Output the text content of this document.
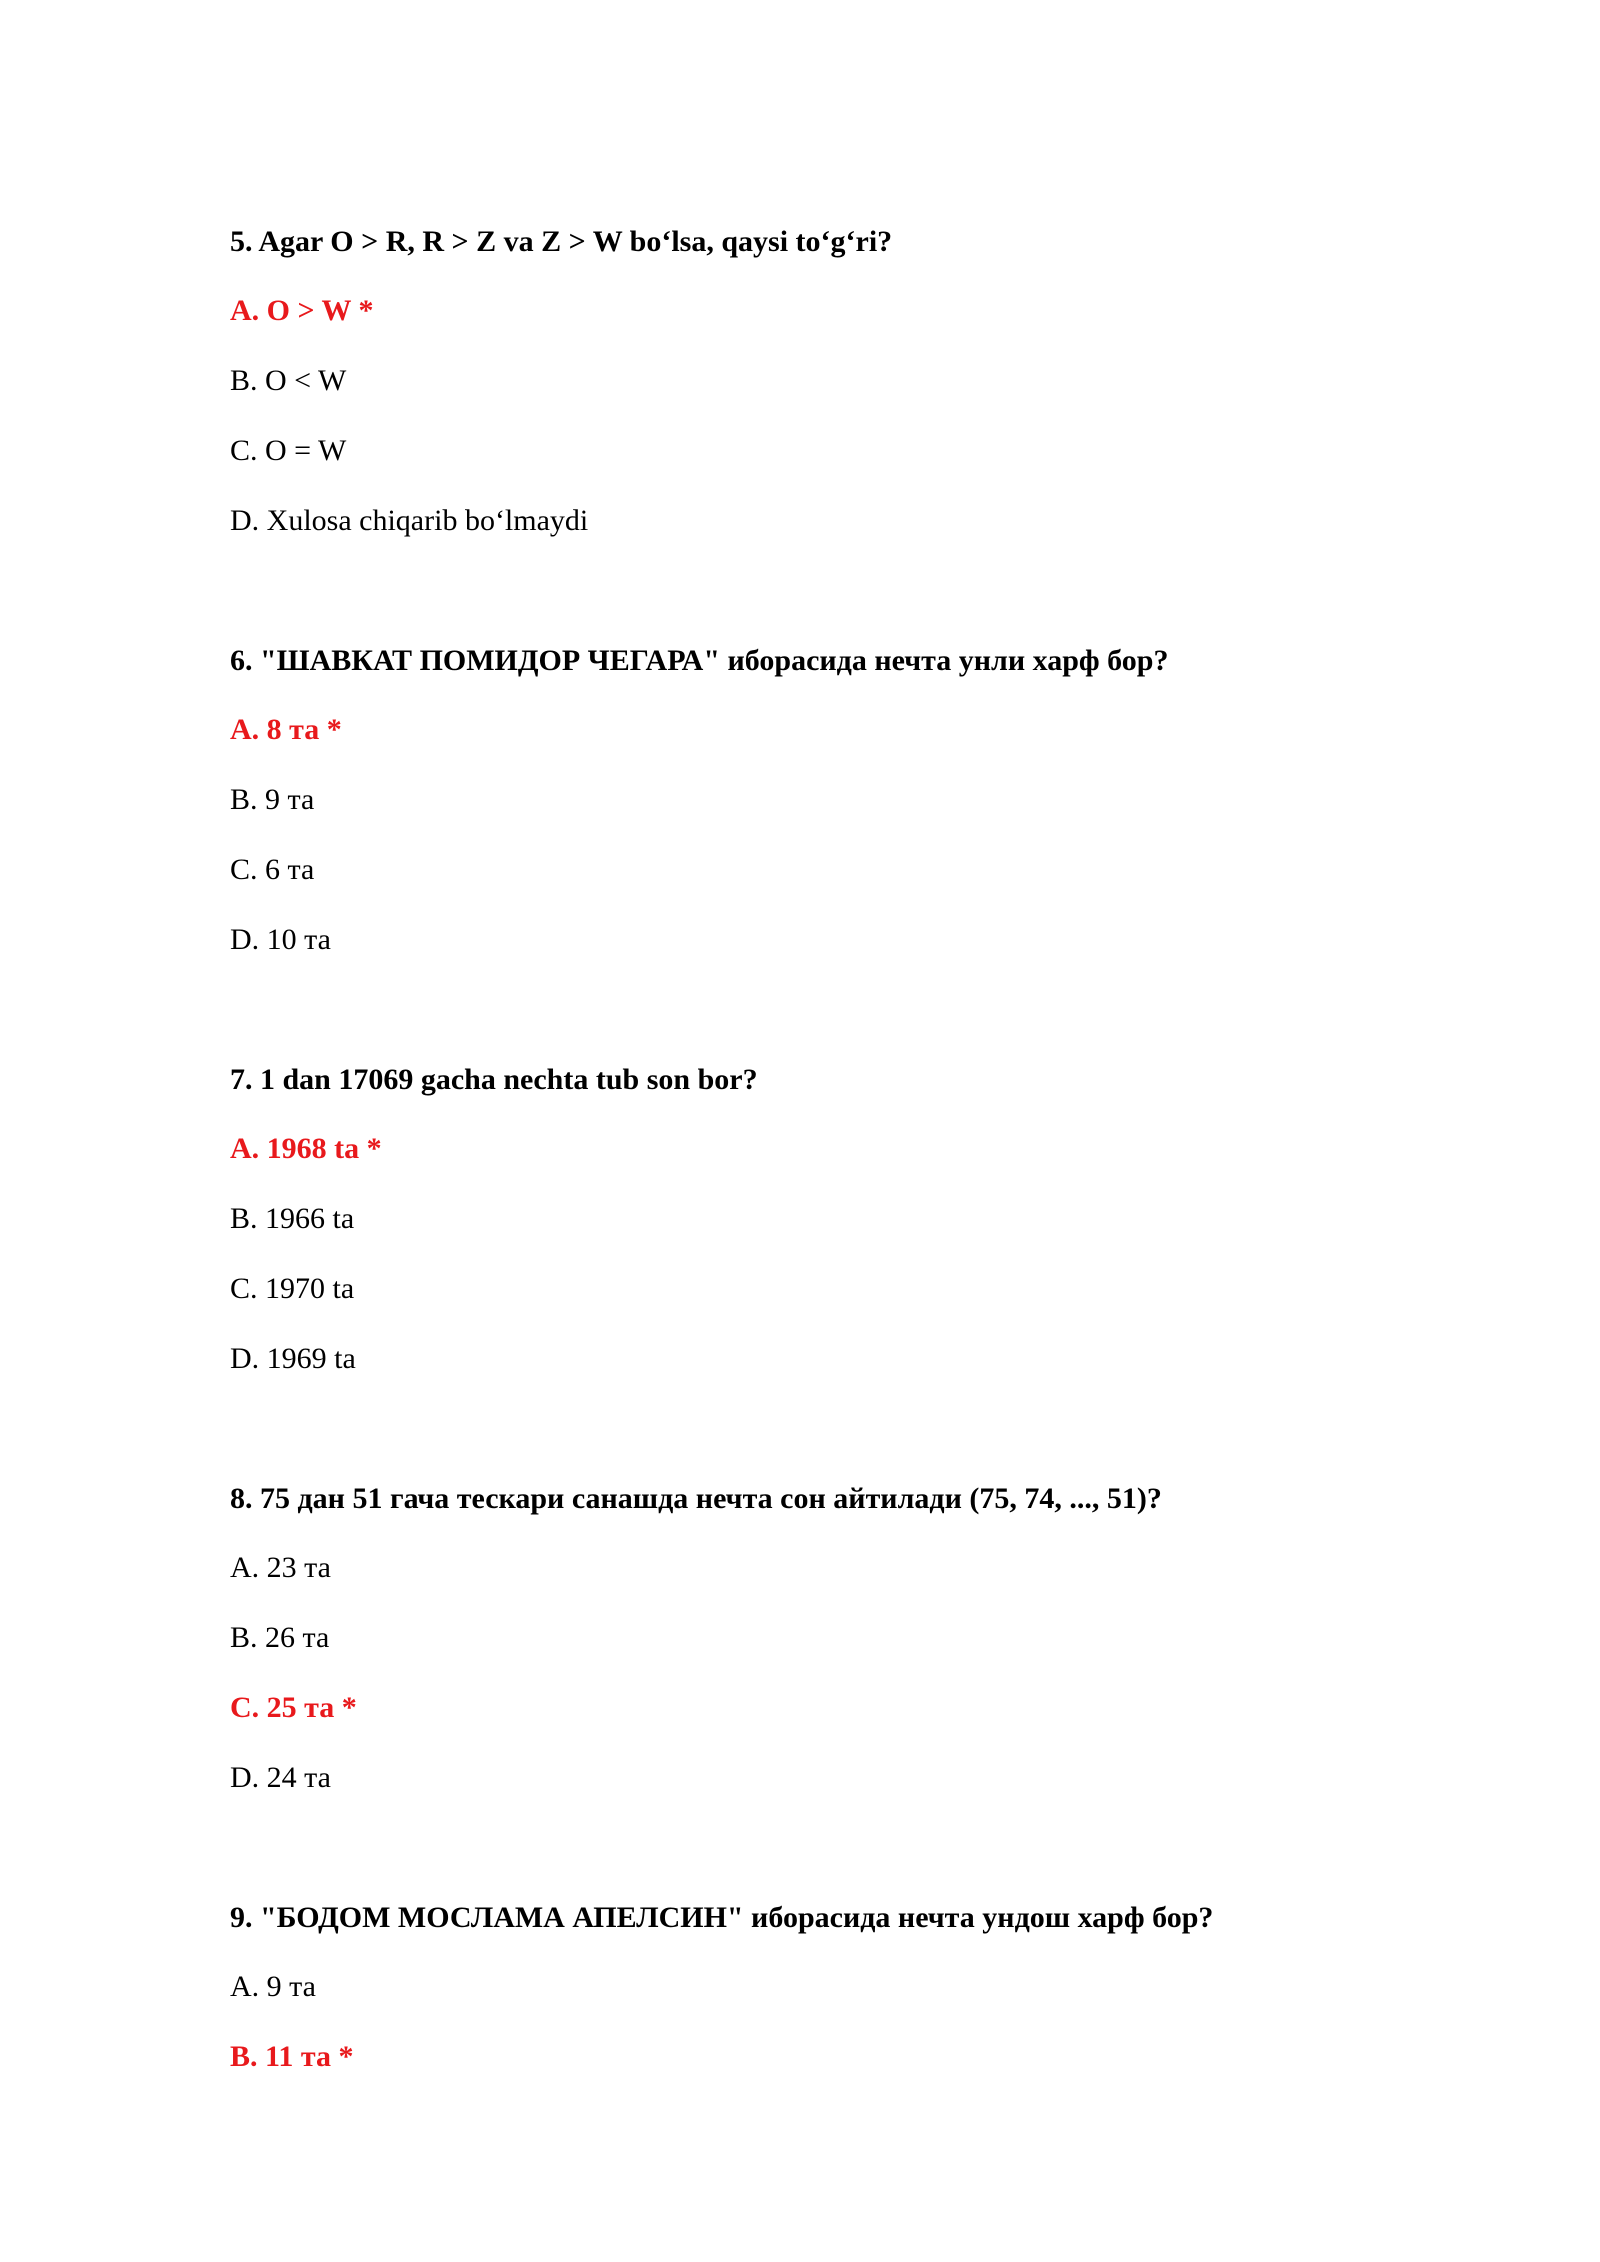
5. Agar O > R, R > Z va Z > W bo‘lsa, qaysi to‘g‘ri?
A. O > W *
B. O < W
C. O = W
D. Xulosa chiqarib bo‘lmaydi
6. "ШАВКАТ ПОМИДОР ЧЕГАРА" иборасида нечта унли харф бор?
A. 8 та *
B. 9 та
C. 6 та
D. 10 та
7. 1 dan 17069 gacha nechta tub son bor?
A. 1968 ta *
B. 1966 ta
C. 1970 ta
D. 1969 ta
8. 75 дан 51 гача тескари санашда нечта сон айтилади (75, 74, ..., 51)?
A. 23 та
B. 26 та
C. 25 та *
D. 24 та
9. "БОДОМ МОСЛАМА АПЕЛСИН" иборасида нечта ундош харф бор?
A. 9 та
B. 11 та *
